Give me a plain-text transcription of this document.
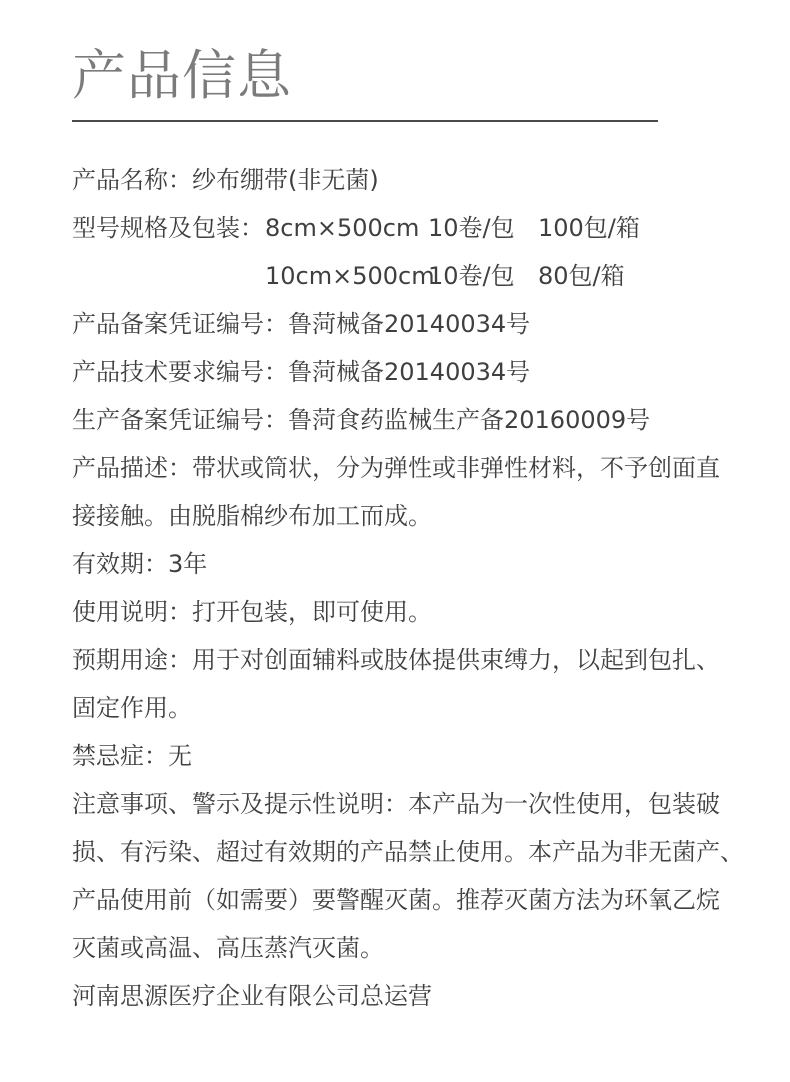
产品信息
产品名称：纱布绷带(非无菌)
型号规格及包装：8cm×500cm 10卷/包 100包/箱
10cm×500cm10卷/包 80包/箱
产品备案凭证编号：鲁菏械备20140034号
产品技术要求编号：鲁菏械备20140034号
生产备案凭证编号：鲁菏食药监械生产备20160009号
产品描述：带状或筒状，分为弹性或非弹性材料，不予创面直
接接触。由脱脂棉纱布加工而成。
有效期：3年
使用说明：打开包装，即可使用。
预期用途：用于对创面辅料或肢体提供束缚力，以起到包扎、
固定作用。
禁忌症：无
注意事项、警示及提示性说明：本产品为一次性使用，包装破
损、有污染、超过有效期的产品禁止使用。本产品为非无菌产、
产品使用前（如需要）要警醒灭菌。推荐灭菌方法为环氧乙烷
灭菌或高温、高压蒸汽灭菌。
河南思源医疗企业有限公司总运营
